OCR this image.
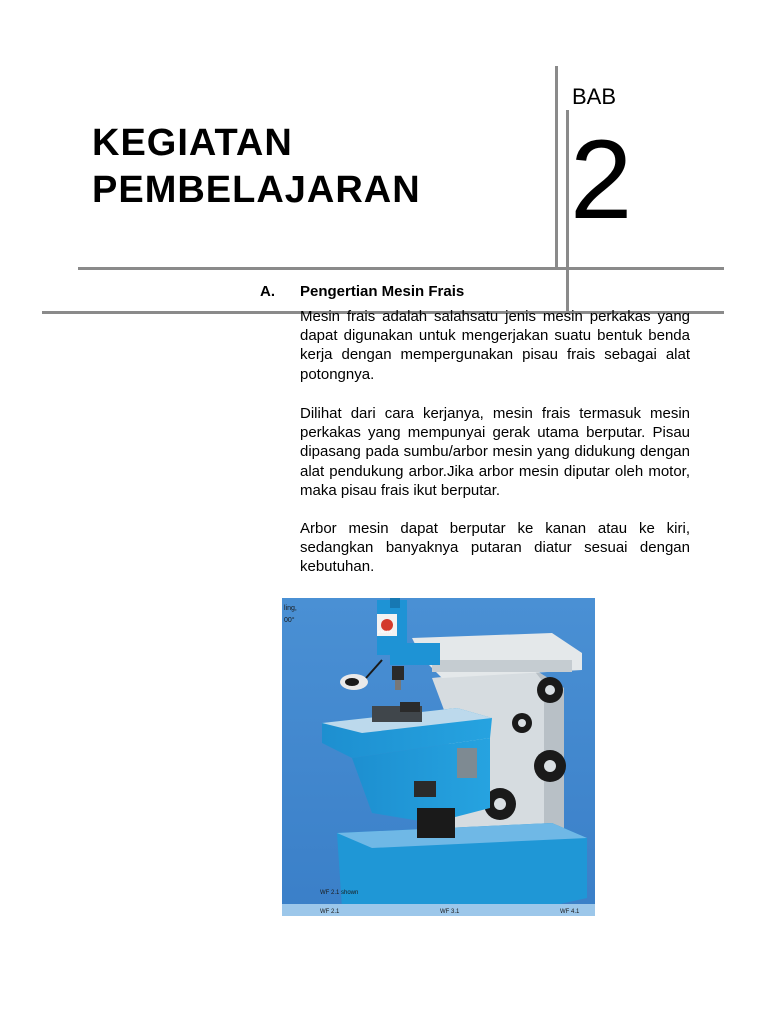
KEGIATAN
PEMBELAJARAN
BAB
2
A. Pengertian Mesin Frais

Mesin frais adalah salahsatu jenis mesin perkakas yang dapat digunakan untuk mengerjakan suatu bentuk benda kerja dengan mempergunakan pisau frais sebagai alat potongnya.

Dilihat dari cara kerjanya, mesin frais termasuk mesin perkakas yang mempunyai gerak utama berputar. Pisau dipasang pada sumbu/arbor mesin yang didukung dengan alat pendukung arbor.Jika arbor mesin diputar oleh motor, maka pisau frais ikut berputar.

Arbor mesin dapat berputar ke kanan atau ke kiri, sedangkan banyaknya putaran diatur sesuai dengan kebutuhan.

ling,
00°
KNUTH
WF 2.1 shown
WF 2.1	WF 3.1	WF 4.1
